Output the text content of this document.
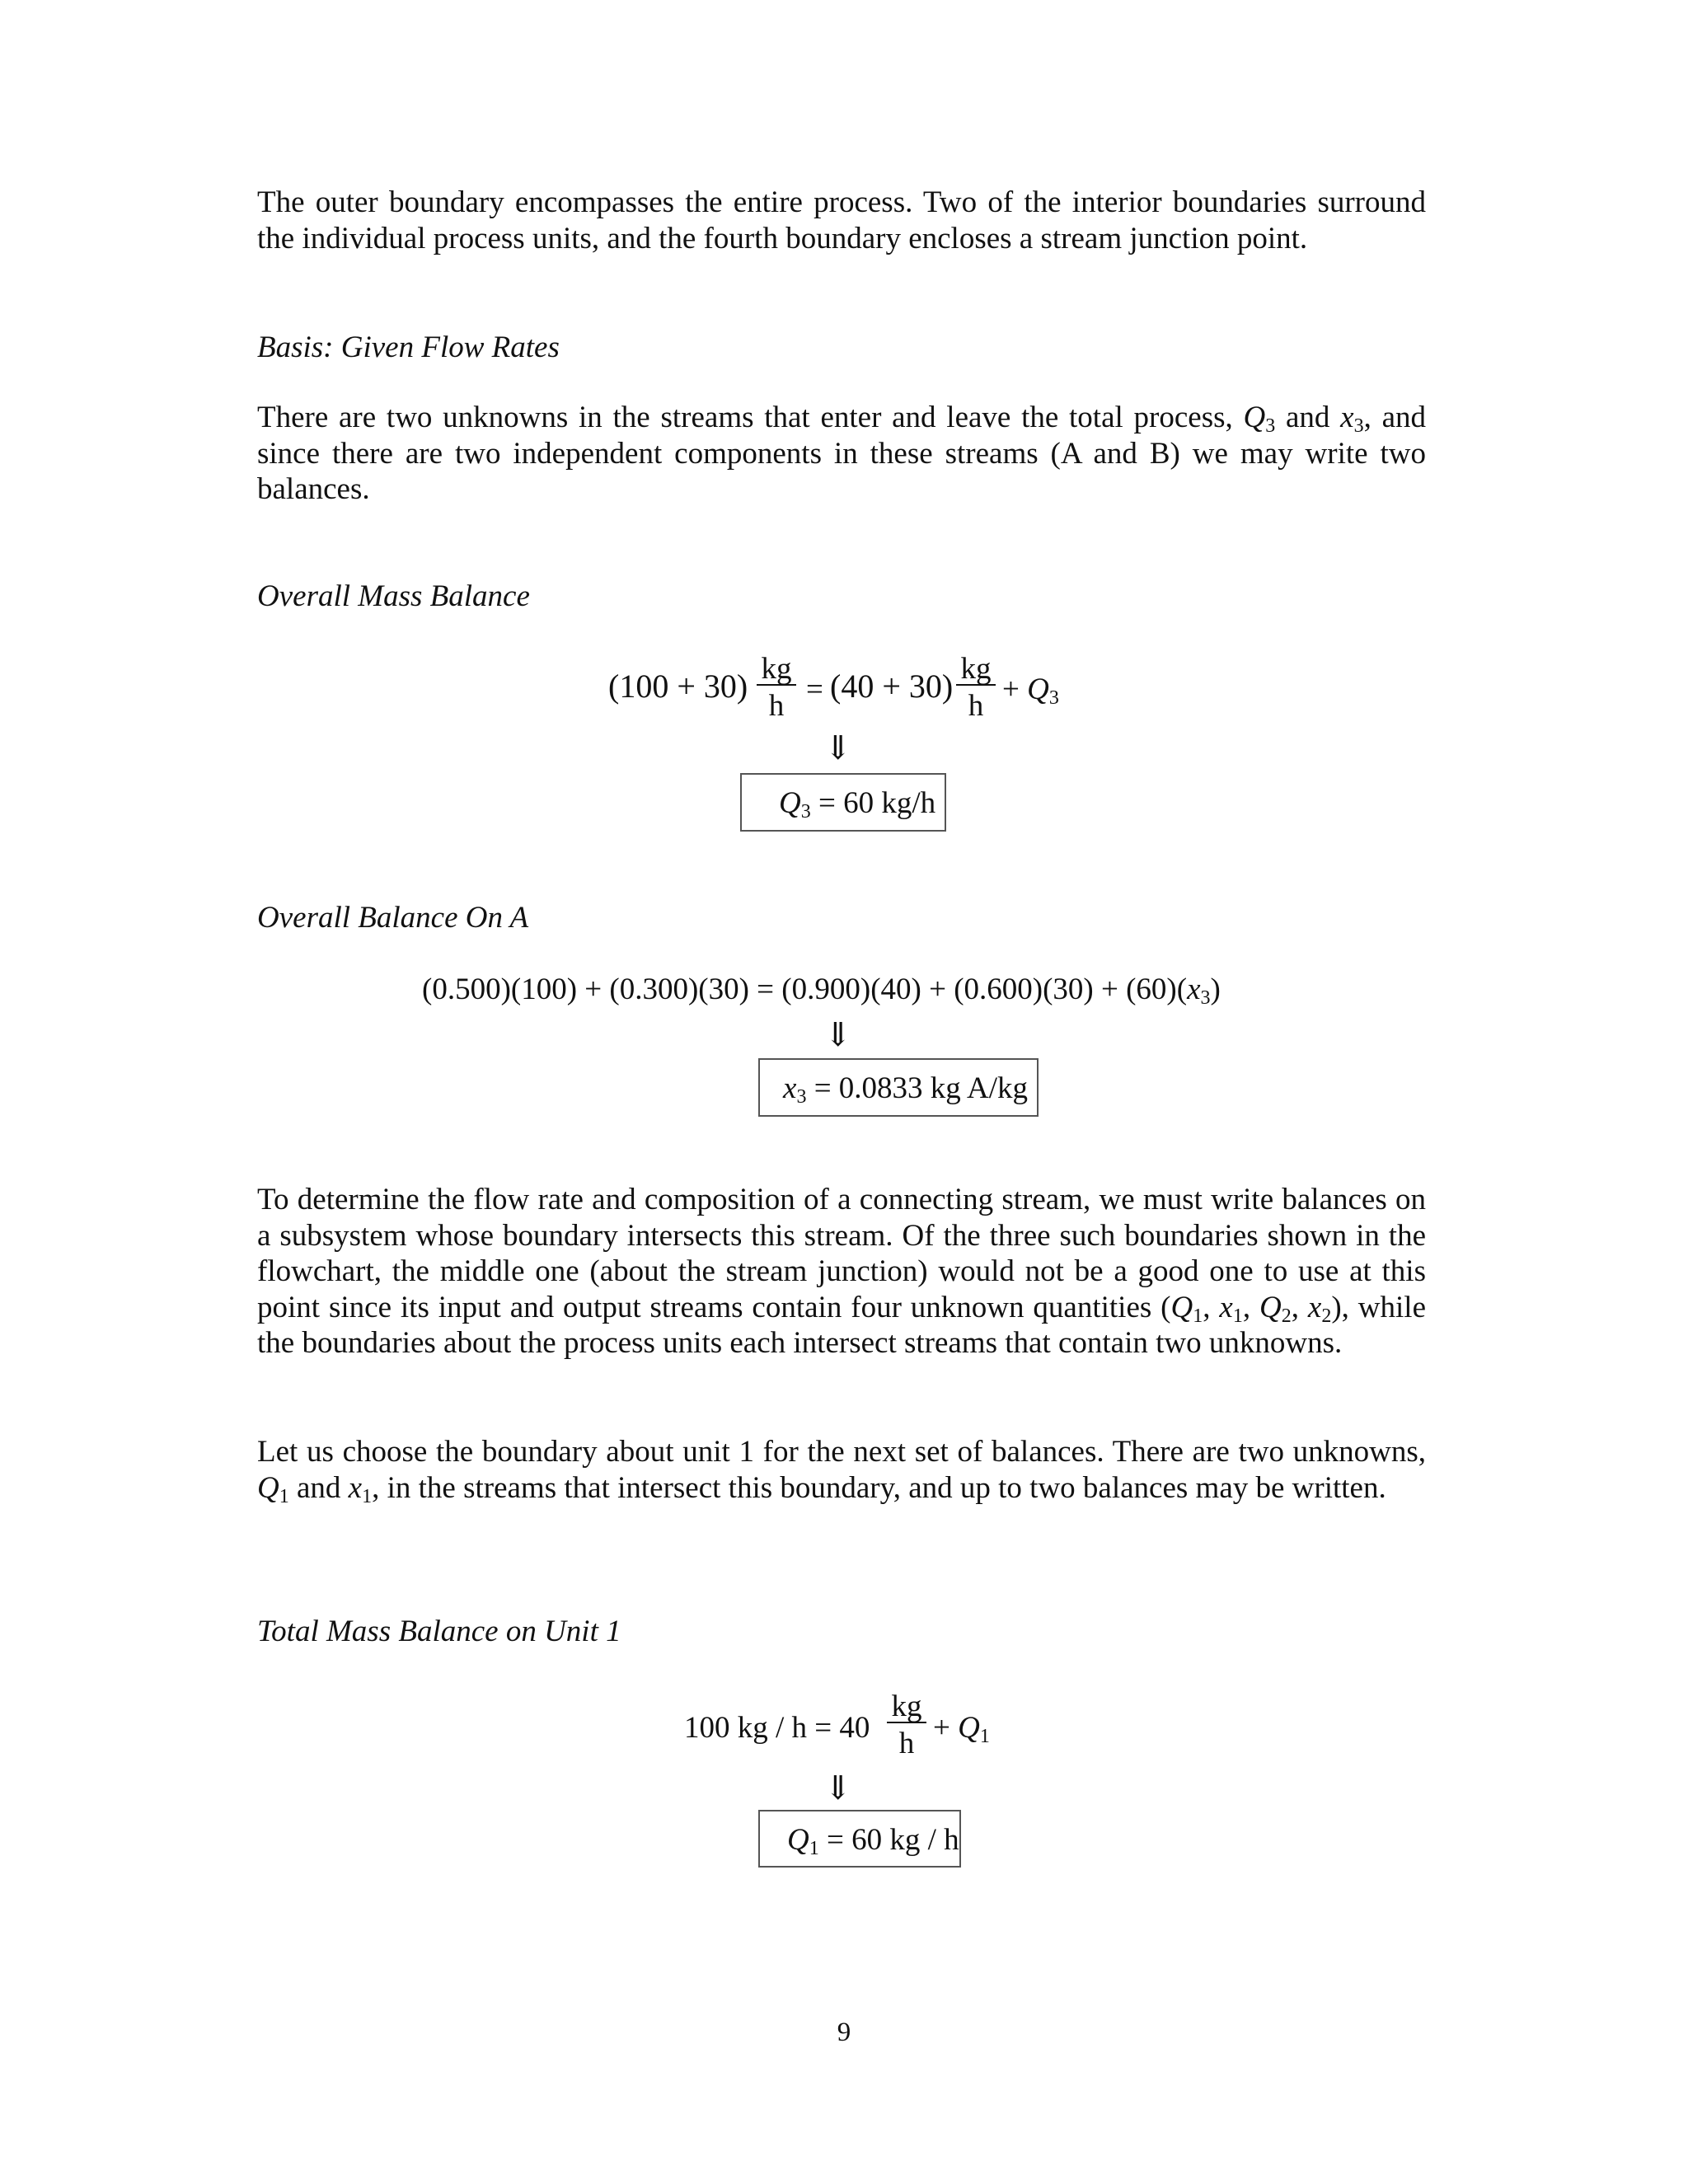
The outer boundary encompasses the entire process. Two of the interior boundaries surround the individual process units, and the fourth boundary encloses a stream junction point.

Basis: Given Flow Rates

There are two unknowns in the streams that enter and leave the total process, $Q_3$ and $x_3$, and since there are two independent components in these streams (A and B) we may write two balances.

Overall Mass Balance

$(100 + 30) \frac{kg}{h} = (40 + 30) \frac{kg}{h} + Q_3$
⇓
$Q_3 = 60$ kg/h

Overall Balance On A

$(0.500)(100) + (0.300)(30) = (0.900)(40) + (0.600)(30) + (60)(x_3)$
⇓
$x_3 = 0.0833$ kg A/kg

To determine the flow rate and composition of a connecting stream, we must write balances on a subsystem whose boundary intersects this stream. Of the three such boundaries shown in the flowchart, the middle one (about the stream junction) would not be a good one to use at this point since its input and output streams contain four unknown quantities ($Q_1$, $x_1$, $Q_2$, $x_2$), while the boundaries about the process units each intersect streams that contain two unknowns.

Let us choose the boundary about unit 1 for the next set of balances. There are two unknowns, $Q_1$ and $x_1$, in the streams that intersect this boundary, and up to two balances may be written.

Total Mass Balance on Unit 1

100 kg / $h = 40 \frac{kg}{h} + Q_1$
⇓
$Q_1 = 60$ kg / h
9
